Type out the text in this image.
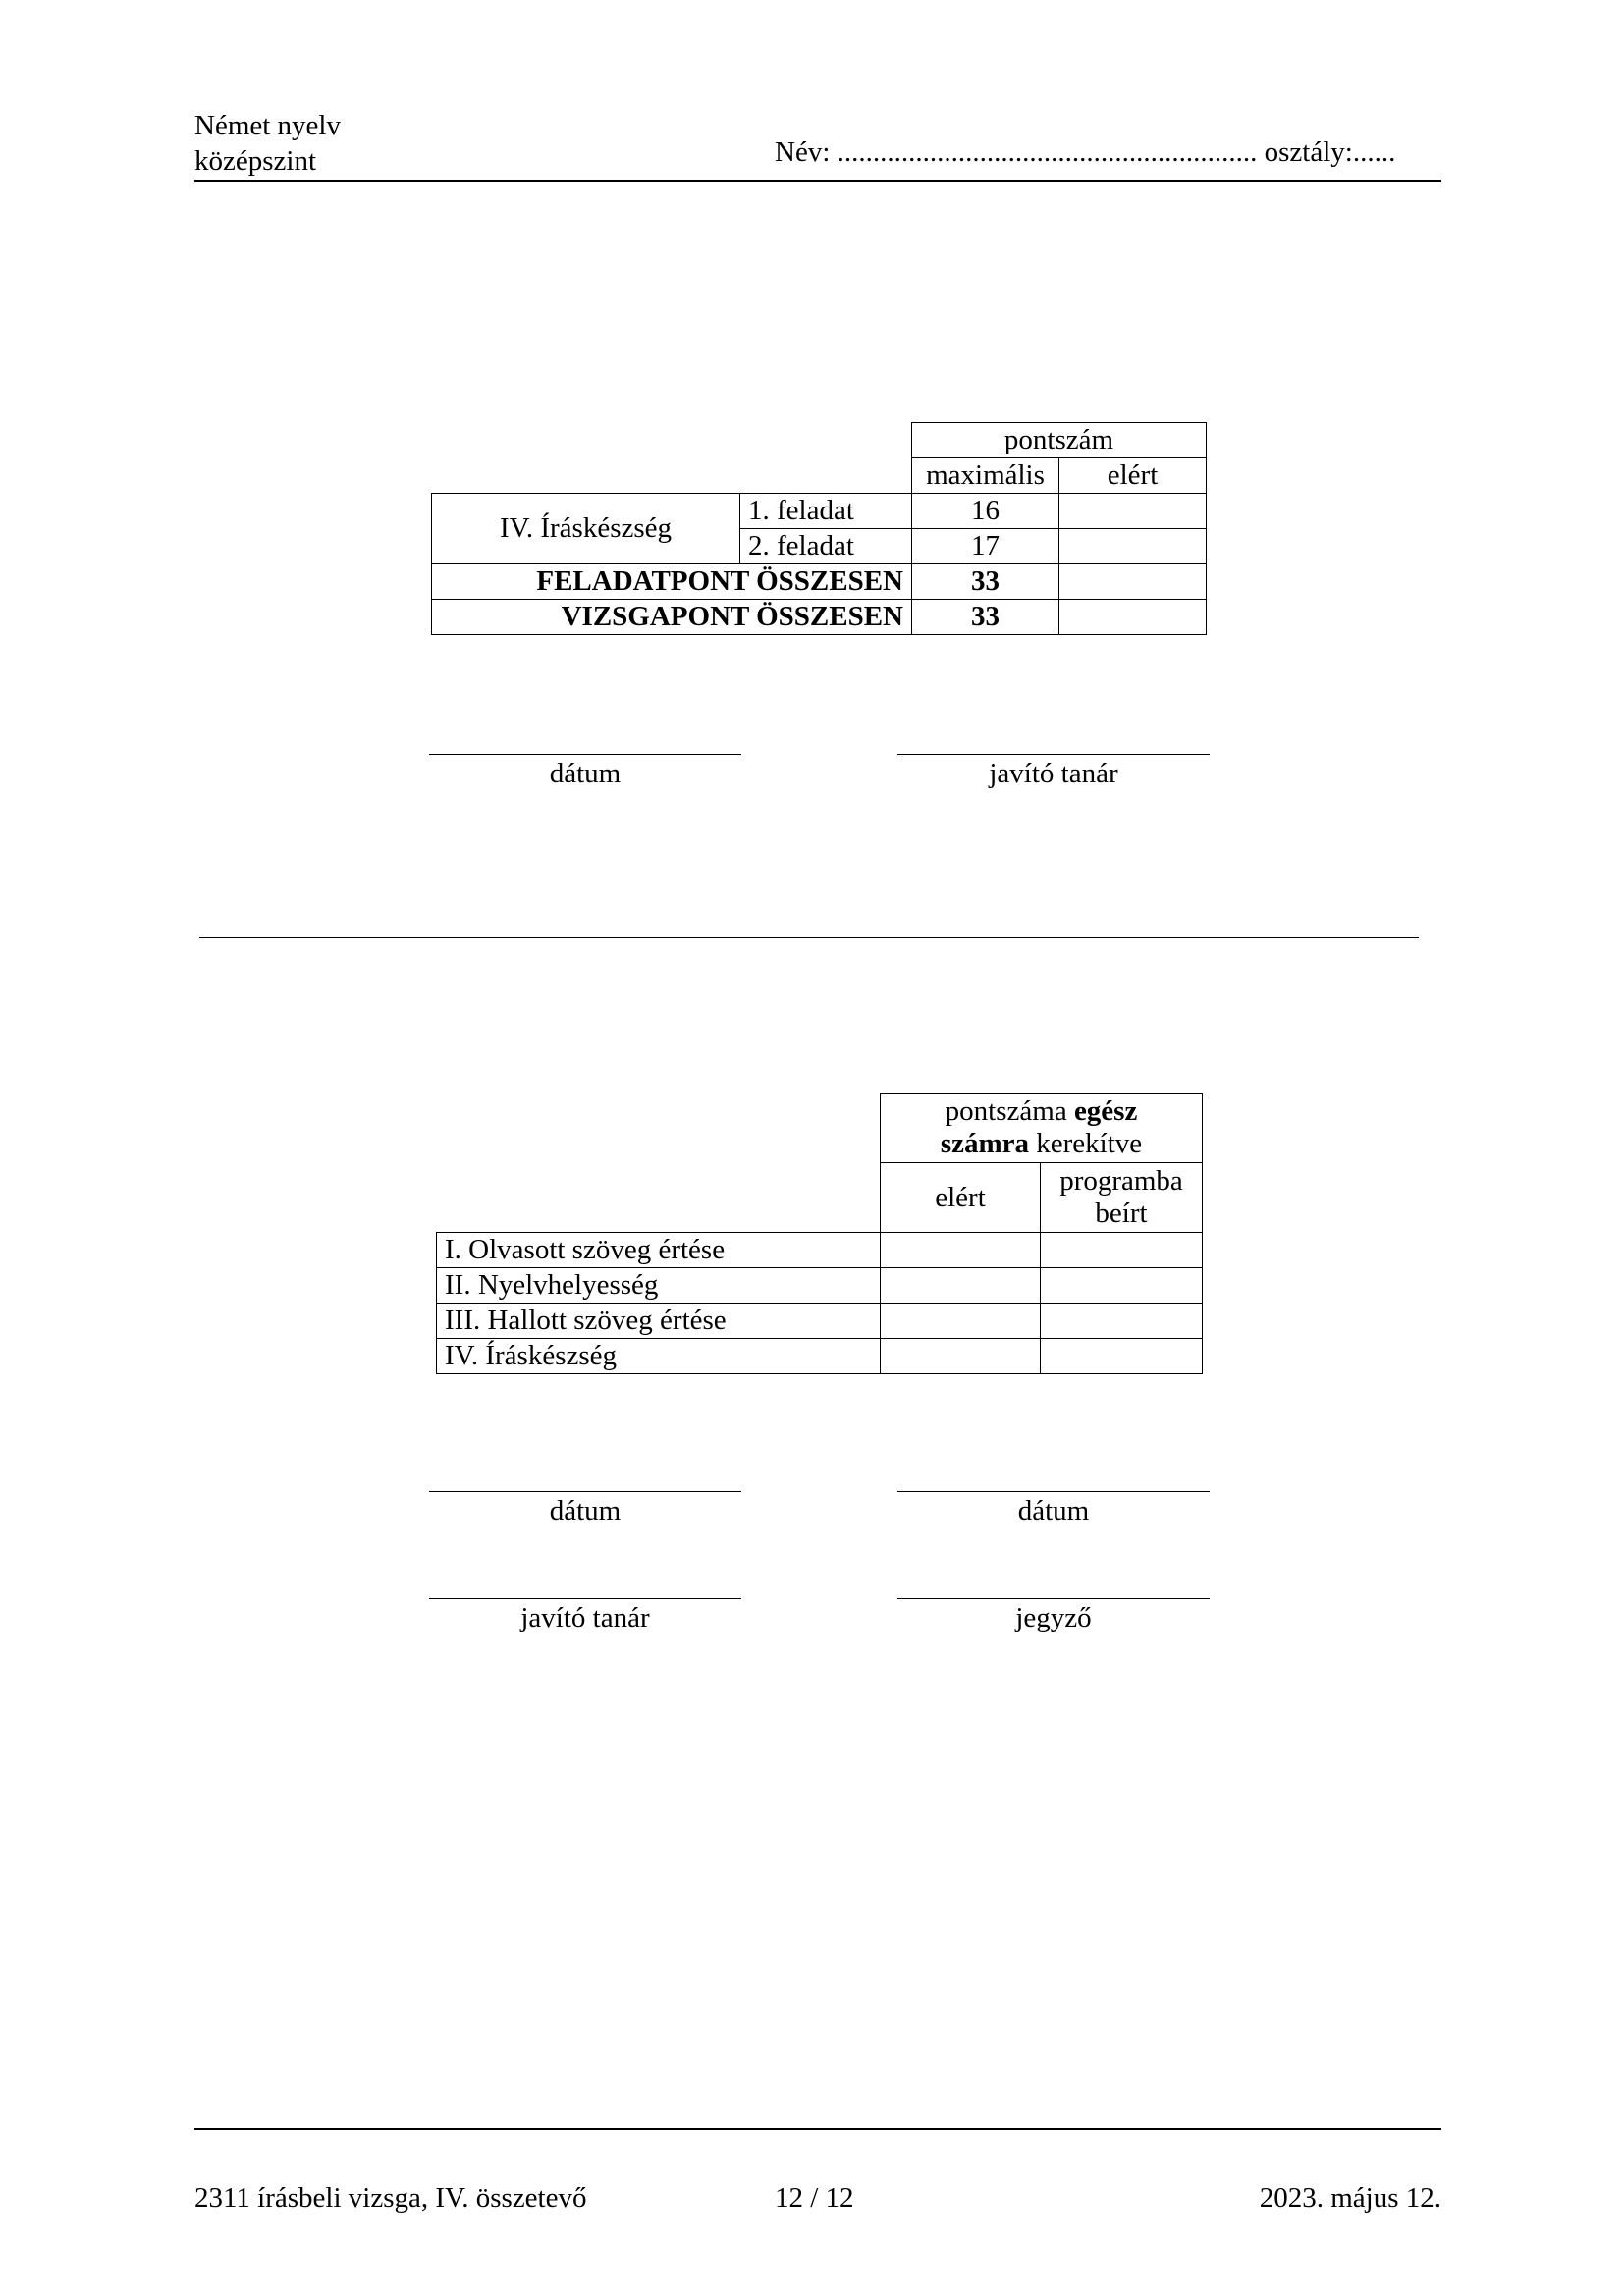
Német nyelv
középszint	Név: ........................................................... osztály:......
		pontszám	
		maximális	elért
IV. Íráskészség	1. feladat	16	
	2. feladat	17	
FELADATPONT ÖSSZESEN		33	
VIZSGAPONT ÖSSZESEN		33	
dátum	javító tanár
	pontszáma egész
számra kerekítve	
	elért	programba beírt
I. Olvasott szöveg értése		
II. Nyelvhelyesség		
III. Hallott szöveg értése		
IV. Íráskészség		
dátum	dátum
javító tanár	jegyző
2311 írásbeli vizsga, IV. összetevő	12 / 12	2023. május 12.
